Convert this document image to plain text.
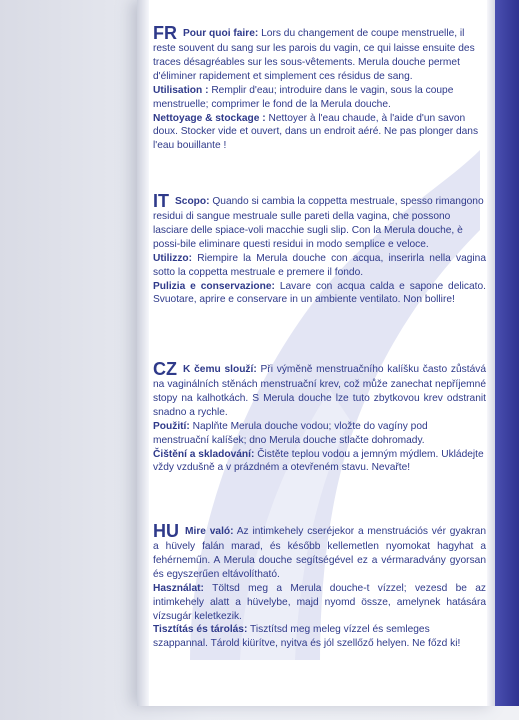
FR Pour quoi faire: Lors du changement de coupe menstruelle, il reste souvent du sang sur les parois du vagin, ce qui laisse ensuite des traces désagréables sur les sous-vêtements. Merula douche permet d'éliminer rapidement et simplement ces résidus de sang.

Utilisation : Remplir d'eau; introduire dans le vagin, sous la coupe menstruelle; comprimer le fond de la Merula douche.

Nettoyage & stockage : Nettoyer à l'eau chaude, à l'aide d'un savon doux. Stocker vide et ouvert, dans un endroit aéré. Ne pas plonger dans l'eau bouillante !

IT Scopo: Quando si cambia la coppetta mestruale, spesso rimangono residui di sangue mestruale sulle pareti della vagina, che possono lasciare delle spiace-voli macchie sugli slip. Con la Merula douche, è possi-bile eliminare questi residui in modo semplice e veloce.

Utilizzo: Riempire la Merula douche con acqua, inserirla nella vagina sotto la coppetta mestruale e premere il fondo.

Pulizia e conservazione: Lavare con acqua calda e sapone delicato. Svuotare, aprire e conservare in un ambiente ventilato. Non bollire!

CZ K čemu slouží: Při výměně menstruačního kalíšku často zůstává na vaginálních stěnách menstruační krev, což může zanechat nepříjemné stopy na kalhotkách. S Merula douche lze tuto zbytkovou krev odstranit snadno a rychle.

Použití: Naplňte Merula douche vodou; vložte do vagíny pod menstruační kalíšek; dno Merula douche stlačte dohromady.

Čištění a skladování: Čistěte teplou vodou a jemným mýdlem. Ukládejte vždy vzdušně a v prázdném a otevřeném stavu. Nevařte!

HU Mire való: Az intimkehely cseréjekor a menstruációs vér gyakran a hüvely falán marad, és később kellemetlen nyomokat hagyhat a fehérneműn. A Merula douche segítségével ez a vérmaradvány gyorsan és egyszerűen eltávolítható.

Használat: Töltsd meg a Merula douche-t vízzel; vezesd be az intimkehely alatt a hüvelybe, majd nyomd össze, amelynek hatására vízsugár keletkezik.

Tisztítás és tárolás: Tisztítsd meg meleg vízzel és semleges szappannal. Tárold kiürítve, nyitva és jól szellőző helyen. Ne főzd ki!
